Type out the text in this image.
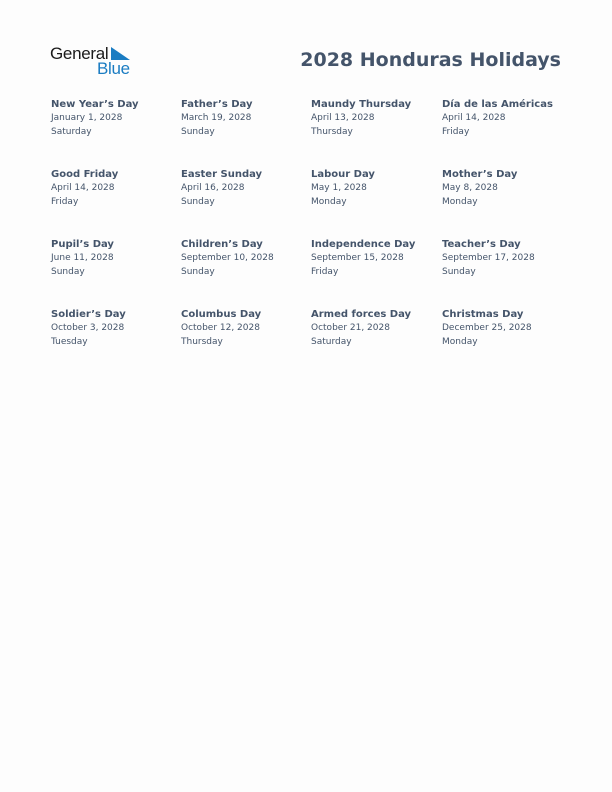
General
Blue	2028 Honduras Holidays
New Year’s Day
January 1, 2028
Saturday
Father’s Day
March 19, 2028
Sunday
Maundy Thursday
April 13, 2028
Thursday
Día de las Américas
April 14, 2028
Friday
Good Friday
April 14, 2028
Friday
Easter Sunday
April 16, 2028
Sunday
Labour Day
May 1, 2028
Monday
Mother’s Day
May 8, 2028
Monday
Pupil’s Day
June 11, 2028
Sunday
Children’s Day
September 10, 2028
Sunday
Independence Day
September 15, 2028
Friday
Teacher’s Day
September 17, 2028
Sunday
Soldier’s Day
October 3, 2028
Tuesday
Columbus Day
October 12, 2028
Thursday
Armed forces Day
October 21, 2028
Saturday
Christmas Day
December 25, 2028
Monday
